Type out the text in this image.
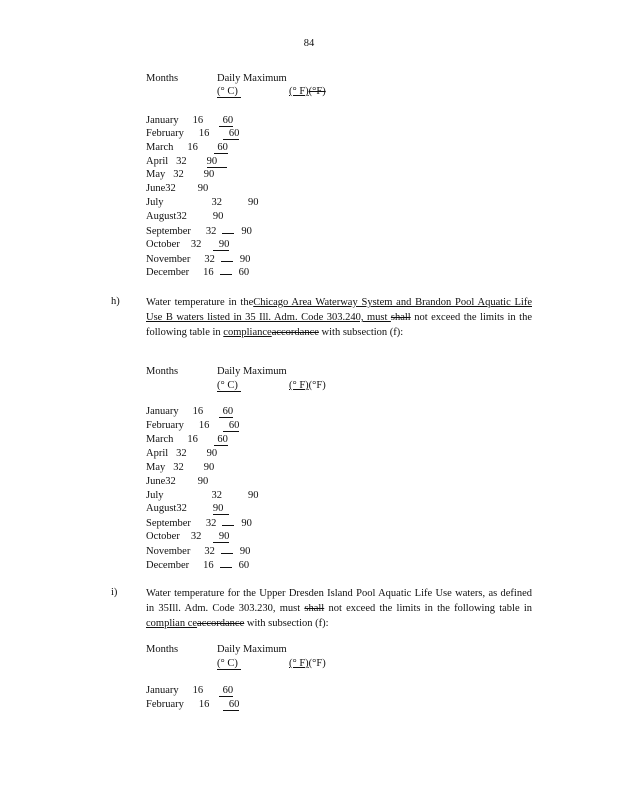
84
Months	Daily Maximum
(° C)	(° F)(°F)
January 16 60
February 16 60
March 16 60
April 32 90
May 32 90
June32 90
July	32 90
August32 90
September 32 90
October 32 90
November 32 90
December 16 60
h)	Water temperature in theChicago Area Waterway System and Brandon Pool Aquatic Life Use B waters listed in 35 Ill. Adm. Code 303.240, must shall not exceed the limits in the following table in complianceaccordance with subsection (f):
Months	Daily Maximum
(° C)	(° F)(°F)
January 16 60
February 16 60
March 16 60
April 32 90
May 32 90
June32 90
July	32 90
August32 90
September 32 90
October 32 90
November 32 90
December 16 60
i)	Water temperature for the Upper Dresden Island Pool Aquatic Life Use waters, as defined in 35Ill. Adm. Code 303.230, must shall not exceed the limits in the following table in complian ceaccordance with subsection (f):
Months	Daily Maximum
(° C)	(° F)(°F)
January 16 60
February 16 60
